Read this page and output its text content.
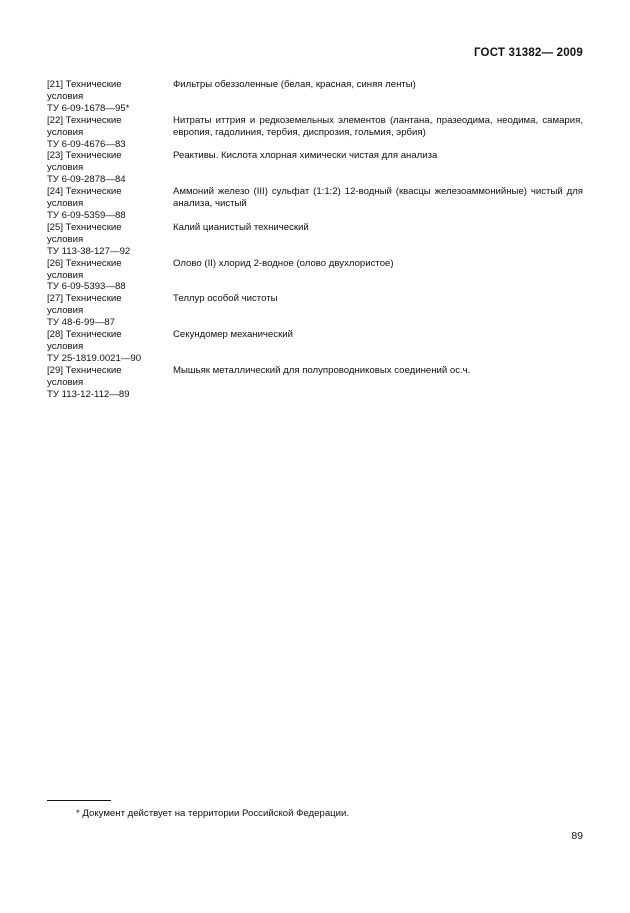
ГОСТ 31382— 2009
[21] Технические
условия
ТУ 6-09-1678—95*
Фильтры обеззоленные (белая, красная, синяя ленты)
[22] Технические
условия
ТУ 6-09-4676—83
Нитраты иттрия и редкоземельных элементов (лантана, празеодима, неодима, самария, европия, гадолиния, тербия, диспрозия, гольмия, эрбия)
[23] Технические
условия
ТУ 6-09-2878—84
Реактивы. Кислота хлорная химически чистая для анализа
[24] Технические
условия
ТУ 6-09-5359—88
Аммоний железо (III) сульфат (1:1:2) 12-водный (квасцы железоаммонийные) чистый для анализа, чистый
[25] Технические
условия
ТУ 113-38-127—92
Калий цианистый технический
[26] Технические
условия
ТУ 6-09-5393—88
Олово (II) хлорид 2-водное (олово двухлористое)
[27] Технические
условия
ТУ 48-6-99—87
Теллур особой чистоты
[28] Технические
условия
ТУ 25-1819.0021—90
Секундомер механический
[29] Технические
условия
ТУ 113-12-112—89
Мышьяк металлический для полупроводниковых соединений ос.ч.
* Документ действует на территории Российской Федерации.
89
